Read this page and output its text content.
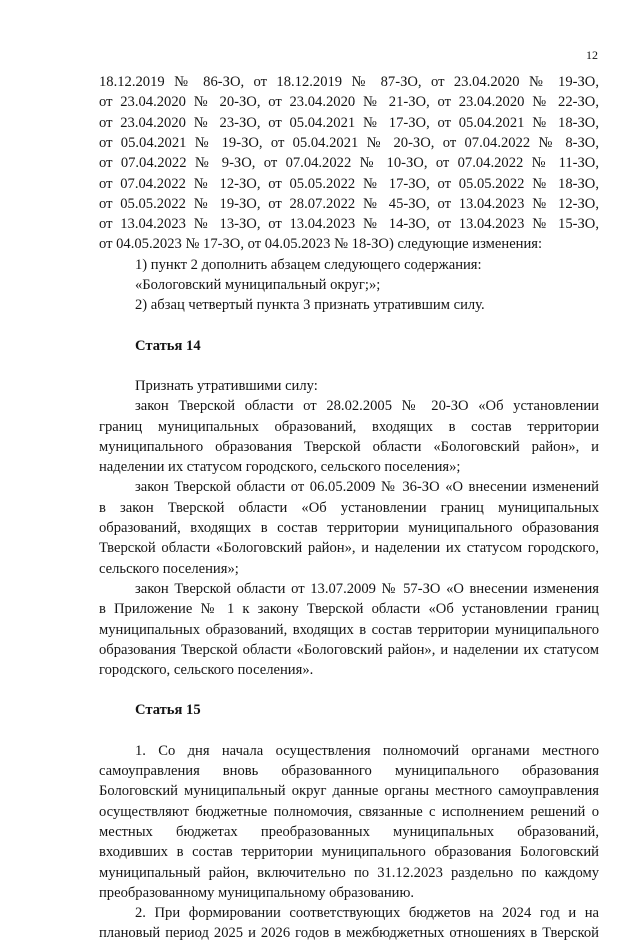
12
18.12.2019 № 86-ЗО, от 18.12.2019 № 87-ЗО, от 23.04.2020 № 19-ЗО,
от 23.04.2020 № 20-ЗО, от 23.04.2020 № 21-ЗО, от 23.04.2020 № 22-ЗО,
от 23.04.2020 № 23-ЗО, от 05.04.2021 № 17-ЗО, от 05.04.2021 № 18-ЗО,
от 05.04.2021 № 19-ЗО, от 05.04.2021 № 20-ЗО, от 07.04.2022 № 8-ЗО,
от 07.04.2022 № 9-ЗО, от 07.04.2022 № 10-ЗО, от 07.04.2022 № 11-ЗО,
от 07.04.2022 № 12-ЗО, от 05.05.2022 № 17-ЗО, от 05.05.2022 № 18-ЗО,
от 05.05.2022 № 19-ЗО, от 28.07.2022 № 45-ЗО, от 13.04.2023 № 12-ЗО,
от 13.04.2023 № 13-ЗО, от 13.04.2023 № 14-ЗО, от 13.04.2023 № 15-ЗО,
от 04.05.2023 № 17-ЗО, от 04.05.2023 № 18-ЗО) следующие изменения:
1) пункт 2 дополнить абзацем следующего содержания:
«Бологовский муниципальный округ;»;
2) абзац четвертый пункта 3 признать утратившим силу.
Статья 14
Признать утратившими силу:
закон Тверской области от 28.02.2005 № 20-ЗО «Об установлении
границ муниципальных образований, входящих в состав территории
муниципального образования Тверской области «Бологовский район», и
наделении их статусом городского, сельского поселения»;
закон Тверской области от 06.05.2009 № 36-ЗО «О внесении изменений
в закон Тверской области «Об установлении границ муниципальных
образований, входящих в состав территории муниципального образования
Тверской области «Бологовский район», и наделении их статусом городского,
сельского поселения»;
закон Тверской области от 13.07.2009 № 57-ЗО «О внесении изменения
в Приложение № 1 к закону Тверской области «Об установлении границ
муниципальных образований, входящих в состав территории муниципального
образования Тверской области «Бологовский район», и наделении их статусом
городского, сельского поселения».
Статья 15
1. Со дня начала осуществления полномочий органами местного
самоуправления вновь образованного муниципального образования
Бологовский муниципальный округ данные органы местного самоуправления
осуществляют бюджетные полномочия, связанные с исполнением решений о
местных бюджетах преобразованных муниципальных образований,
входивших в состав территории муниципального образования Бологовский
муниципальный район, включительно по 31.12.2023 раздельно по каждому
преобразованному муниципальному образованию.
2. При формировании соответствующих бюджетов на 2024 год и на
плановый период 2025 и 2026 годов в межбюджетных отношениях в Тверской
